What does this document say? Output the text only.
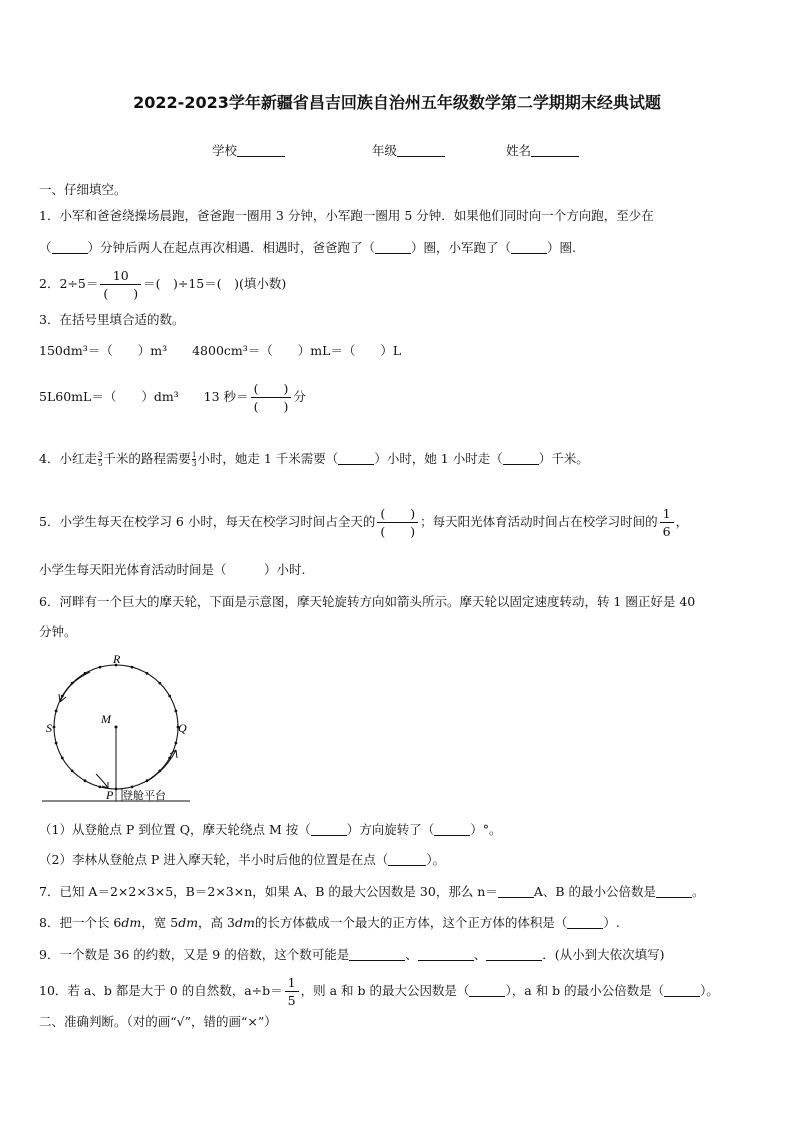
2022-2023学年新疆省昌吉回族自治州五年级数学第二学期期末经典试题
学校	年级	姓名
一、仔细填空。
1．小军和爸爸绕操场晨跑，爸爸跑一圈用 3 分钟，小军跑一圈用 5 分钟．如果他们同时向一个方向跑，至少在
（	）分钟后两人在起点再次相遇．相遇时，爸爸跑了（	）圈，小军跑了（	）圈.
2．$2\div 5= \frac{10}{( )}$ ＝(　)÷15＝(　)(填小数)
3．在括号里填合适的数。
150dm³＝（　　）m³　　4800cm³＝（　　）mL＝（　　）L
5L60mL＝（　　）dm³　　13 秒＝ $\frac{( )}{( )}$ 分
4．小红走 $\frac{3}{5}$ 千米的路程需要 $\frac{1}{3}$ 小时，她走 1 千米需要（	）小时，她 1 小时走（	）千米。
5．小学生每天在校学习 6 小时，每天在校学习时间占全天的 $\frac{( )}{( )}$ ；每天阳光体育活动时间占在校学习时间的 $\frac{1}{6}$ ，
小学生每天阳光体育活动时间是（　　　）小时.
6．河畔有一个巨大的摩天轮，下面是示意图，摩天轮旋转方向如箭头所示。摩天轮以固定速度转动，转 1 圈正好是 40
分钟。
R
S	Q
M
P 登舱平台
（1）从登舱点 P 到位置 Q，摩天轮绕点 M 按（	）方向旋转了（	）°。
（2）李林从登舱点 P 进入摩天轮，半小时后他的位置是在点（	）。
7．已知 A＝2×2×3×5，B＝2×3×n，如果 A、B 的最大公因数是 30，那么 n＝	A、B 的最小公倍数是	。
8．把一个长 6dm，宽 5dm，高 3dm的长方体截成一个最大的正方体，这个正方体的体积是（	）.
9．一个数是 36 的约数，又是 9 的倍数，这个数可能是	、	、	．(从小到大依次填写)
10．若 a、b 都是大于 0 的自然数，$a\div b= \frac{1}{5}$ ，则 a 和 b 的最大公因数是（	），a 和 b 的最小公倍数是（	）。
二、准确判断。（对的画“√”，错的画“×”）
